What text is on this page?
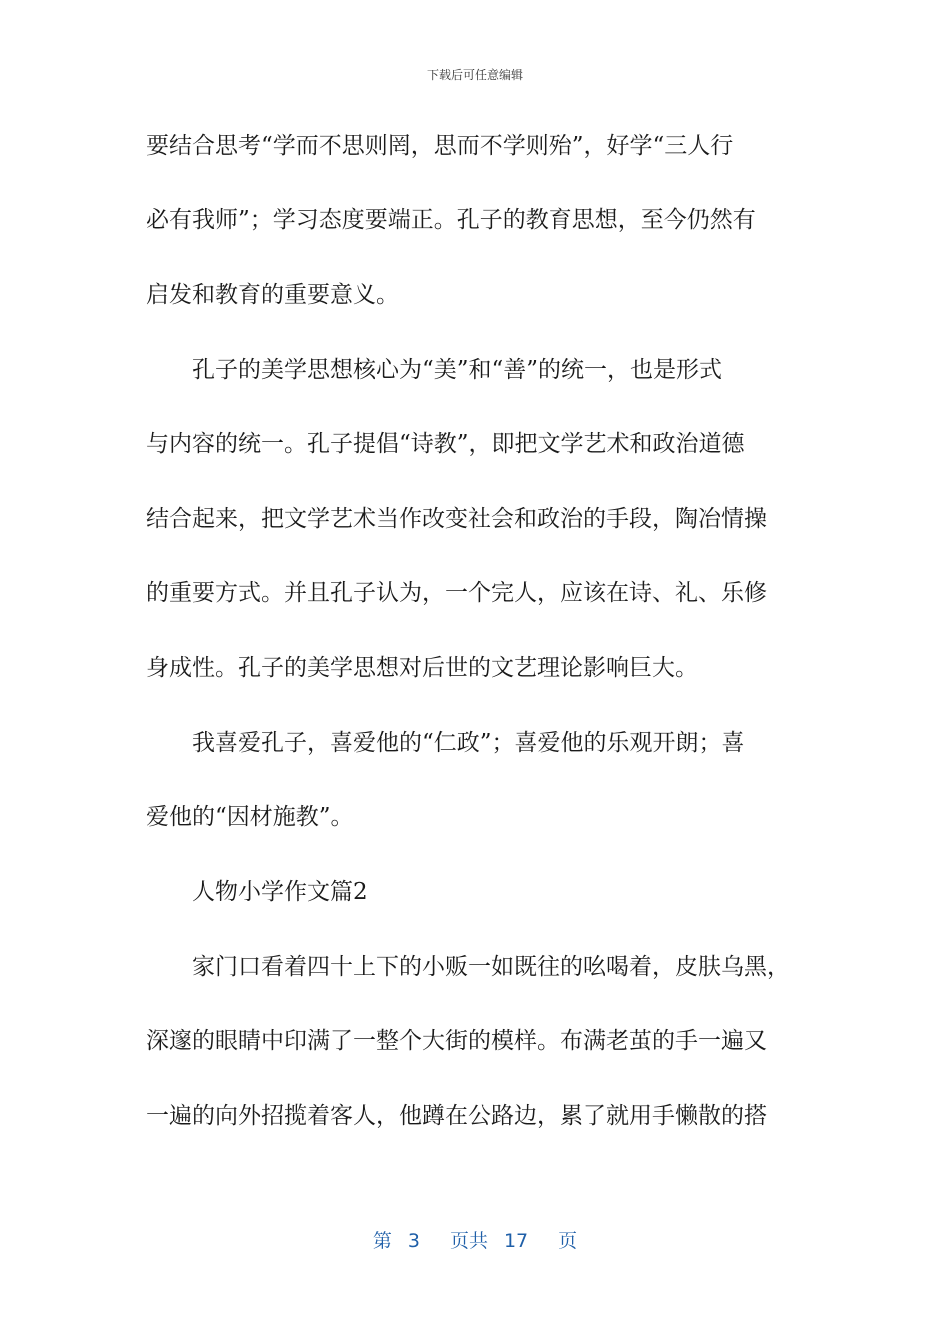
下载后可任意编辑
要结合思考“学而不思则罔，思而不学则殆”，好学“三人行
必有我师”；学习态度要端正。孔子的教育思想，至今仍然有
启发和教育的重要意义。
　　孔子的美学思想核心为“美”和“善”的统一，也是形式
与内容的统一。孔子提倡“诗教”，即把文学艺术和政治道德
结合起来，把文学艺术当作改变社会和政治的手段，陶冶情操
的重要方式。并且孔子认为，一个完人，应该在诗、礼、乐修
身成性。孔子的美学思想对后世的文艺理论影响巨大。
　　我喜爱孔子，喜爱他的“仁政”；喜爱他的乐观开朗；喜
爱他的“因材施教”。
　　人物小学作文篇2
　　家门口看着四十上下的小贩一如既往的吆喝着，皮肤乌黑，
深邃的眼睛中印满了一整个大街的模样。布满老茧的手一遍又
一遍的向外招揽着客人，他蹲在公路边，累了就用手懒散的搭
第 3 页共 17 页
